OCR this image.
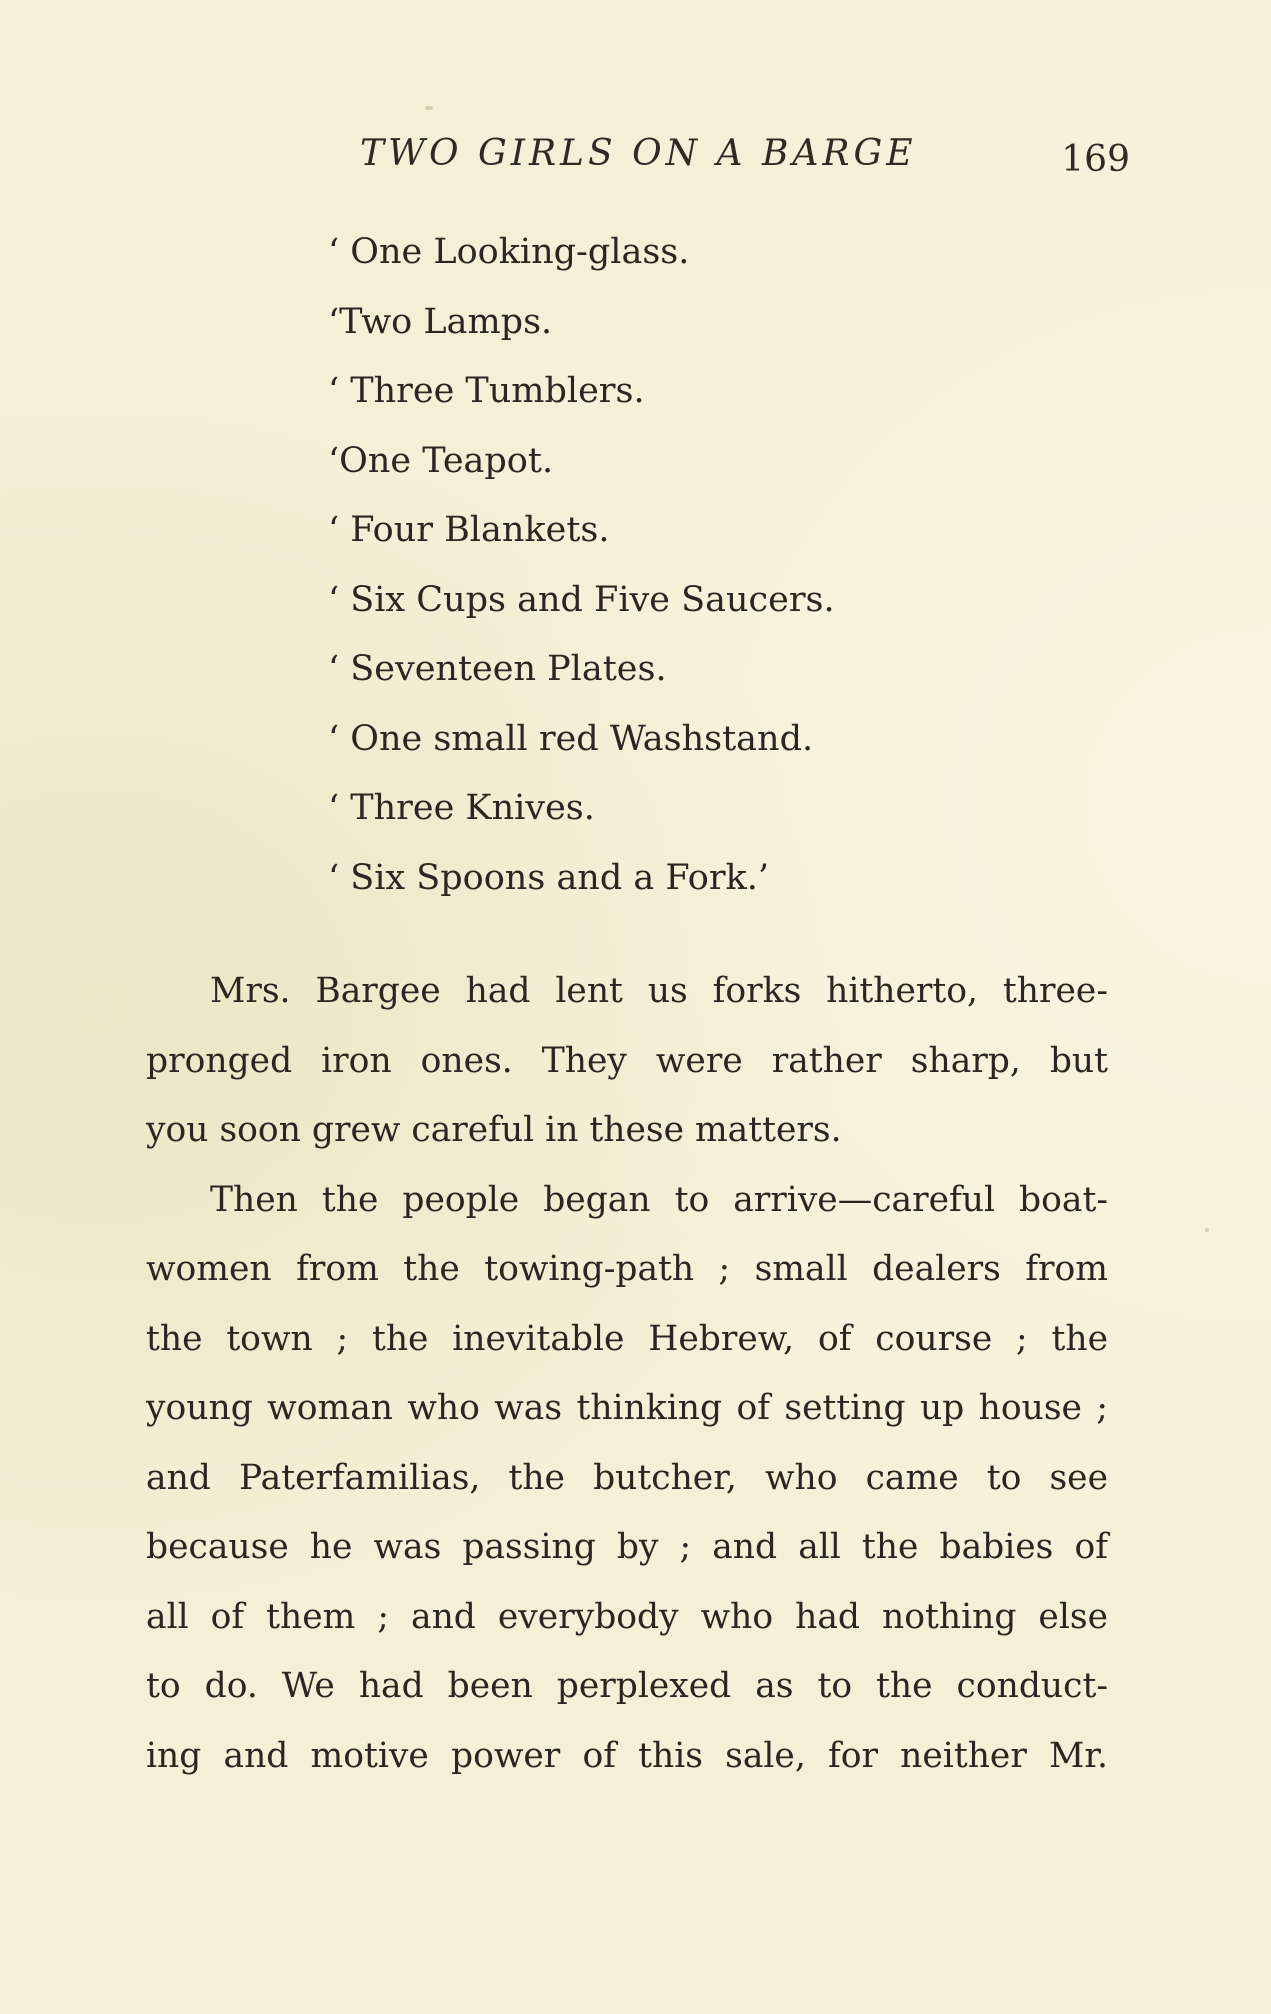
TWO GIRLS ON A BARGE	169
‘ One Looking-glass.
‘Two Lamps.
‘ Three Tumblers.
‘One Teapot.
‘ Four Blankets.
‘ Six Cups and Five Saucers.
‘ Seventeen Plates.
‘ One small red Washstand.
‘ Three Knives.
‘ Six Spoons and a Fork.’
Mrs. Bargee had lent us forks hitherto, three-
pronged iron ones. They were rather sharp, but
you soon grew careful in these matters.
Then the people began to arrive—careful boat-
women from the towing-path ; small dealers from
the town ; the inevitable Hebrew, of course ; the
young woman who was thinking of setting up house ;
and Paterfamilias, the butcher, who came to see
because he was passing by ; and all the babies of
all of them ; and everybody who had nothing else
to do. We had been perplexed as to the conduct-
ing and motive power of this sale, for neither Mr.
